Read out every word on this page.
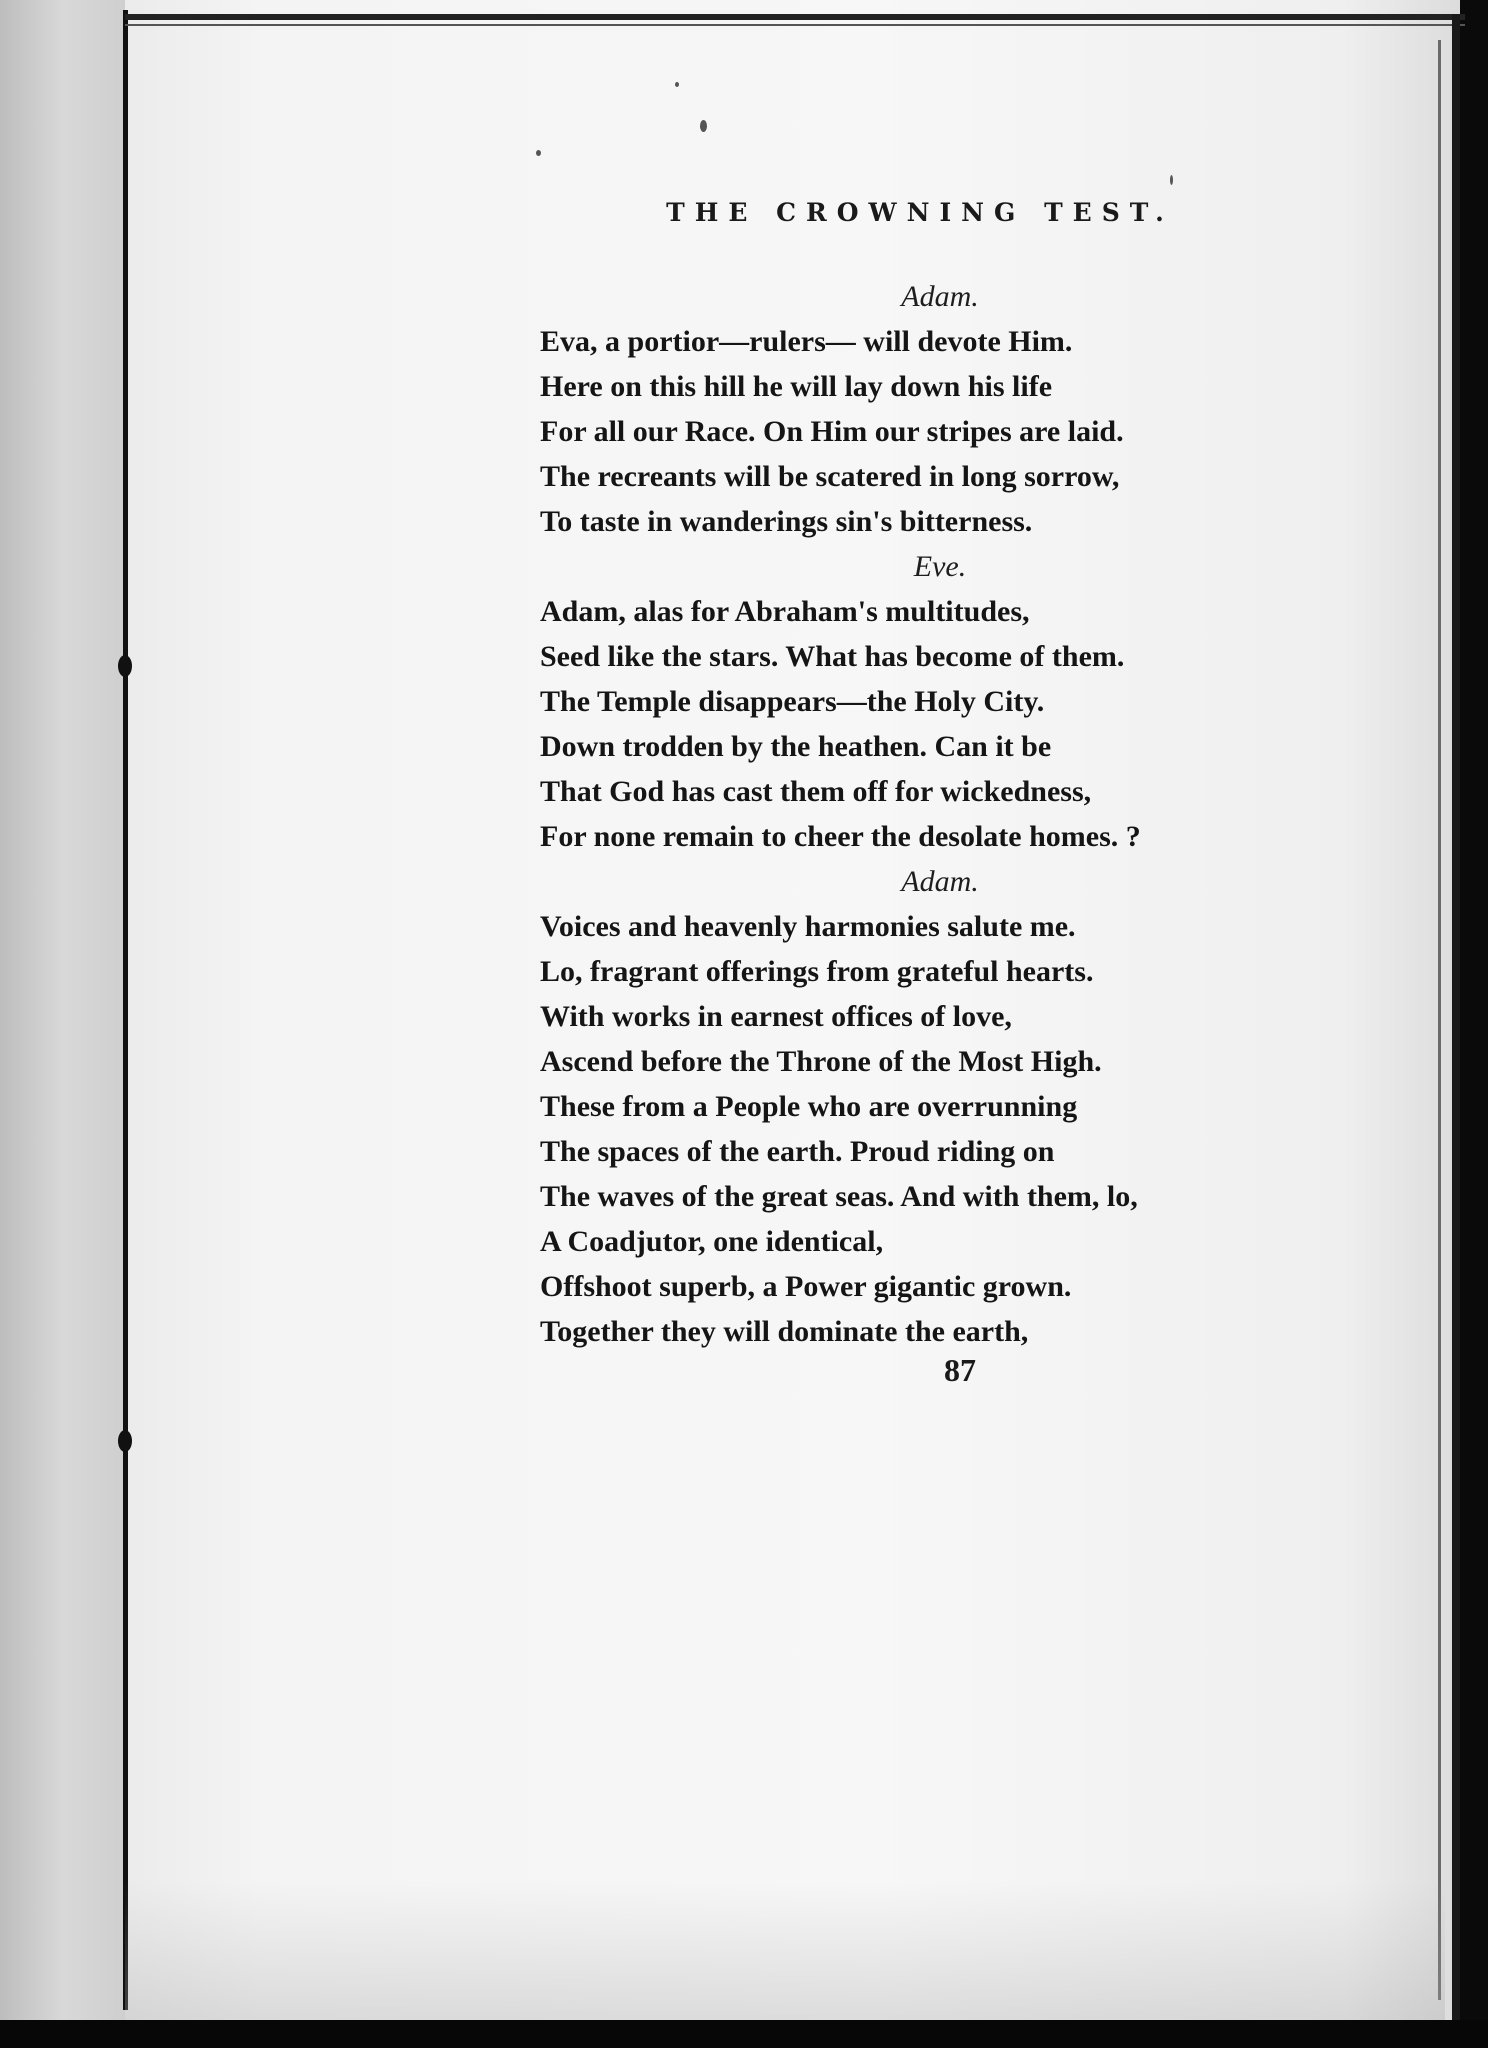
THE CROWNING TEST.
Adam.
Eva, a portior—rulers— will devote Him.
Here on this hill he will lay down his life
For all our Race. On Him our stripes are laid.
The recreants will be scatered in long sorrow,
To taste in wanderings sin's bitterness.
Eve.
Adam, alas for Abraham's multitudes,
Seed like the stars. What has become of them.
The Temple disappears—the Holy City.
Down trodden by the heathen. Can it be
That God has cast them off for wickedness,
For none remain to cheer the desolate homes. ?
Adam.
Voices and heavenly harmonies salute me.
Lo, fragrant offerings from grateful hearts.
With works in earnest offices of love,
Ascend before the Throne of the Most High.
These from a People who are overrunning
The spaces of the earth. Proud riding on
The waves of the great seas. And with them, lo,
A Coadjutor, one identical,
Offshoot superb, a Power gigantic grown.
Together they will dominate the earth,
87
